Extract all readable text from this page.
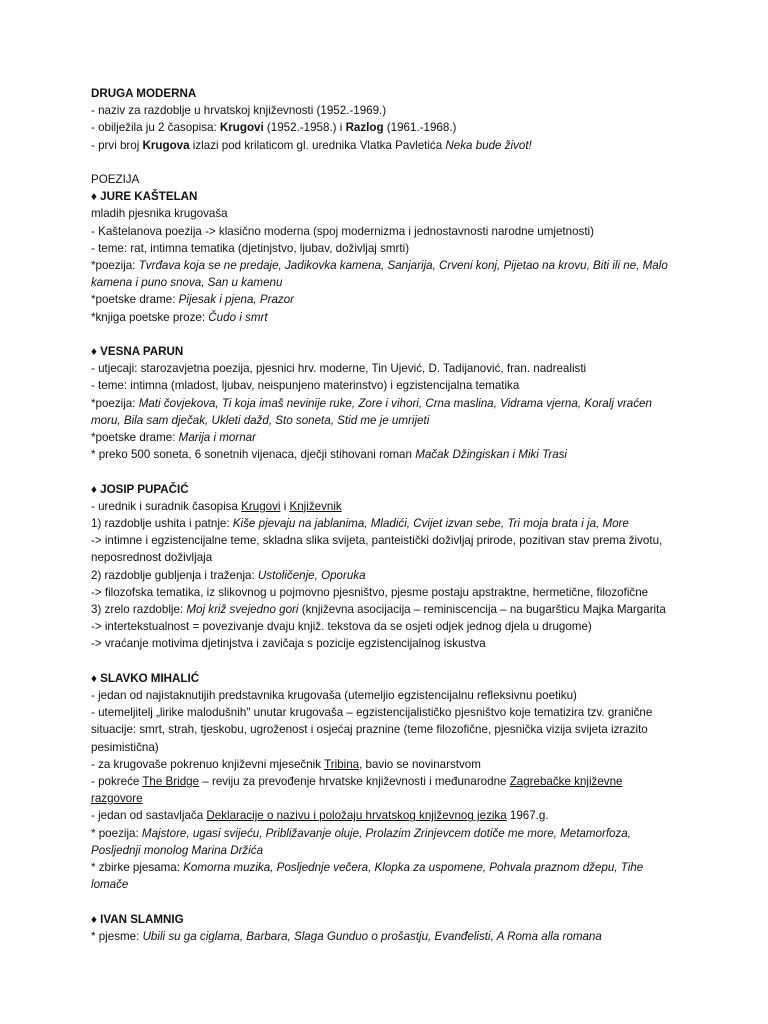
DRUGA MODERNA
- naziv za razdoblje u hrvatskoj književnosti (1952.-1969.)
- obilježila ju 2 časopisa: Krugovi (1952.-1958.) i Razlog (1961.-1968.)
- prvi broj Krugova izlazi pod krilaticom gl. urednika Vlatka Pavletića Neka bude život!
POEZIJA
♦ JURE KAŠTELAN
mladih pjesnika krugovaša
- Kaštelanova poezija -> klasično moderna (spoj modernizma i jednostavnosti narodne umjetnosti)
- teme: rat, intimna tematika (djetinjstvo, ljubav, doživljaj smrti)
*poezija: Tvrđava koja se ne predaje, Jadikovka kamena, Sanjarija, Crveni konj, Pijetao na krovu, Biti ili ne, Malo
kamena i puno snova, San u kamenu
*poetske drame: Pijesak i pjena, Prazor
*knjiga poetske proze: Čudo i smrt
♦ VESNA PARUN
- utjecaji: starozavjetna poezija, pjesnici hrv. moderne, Tin Ujević, D. Tadijanović, fran. nadrealisti
- teme: intimna (mladost, ljubav, neispunjeno materinstvo) i egzistencijalna tematika
*poezija: Mati čovjekova, Ti koja imaš nevinije ruke, Zore i vihori, Crna maslina, Vidrama vjerna, Koralj vraćen
moru, Bila sam dječak, Ukleti dažd, Sto soneta, Stid me je umrijeti
*poetske drame: Marija i mornar
* preko 500 soneta, 6 sonetnih vijenaca, dječji stihovani roman Mačak Džingiskan i Miki Trasi
♦ JOSIP PUPAČIĆ
- urednik i suradnik časopisa Krugovi i Književnik
1) razdoblje ushita i patnje: Kiše pjevaju na jablanima, Mladići, Cvijet izvan sebe, Tri moja brata i ja, More
-> intimne i egzistencijalne teme, skladna slika svijeta, panteistički doživljaj prirode, pozitivan stav prema životu,
neposrednost doživljaja
2) razdoblje gubljenja i traženja: Ustoličenje, Oporuka
-> filozofska tematika, iz slikovnog u pojmovno pjesništvo, pjesme postaju apstraktne, hermetične, filozofične
3) zrelo razdoblje: Moj križ svejedno gori (književna asocijacija – reminiscencija – na bugaršticu Majka Margarita
-> intertekstualnost = povezivanje dvaju knjiž. tekstova da se osjeti odjek jednog djela u drugome)
-> vraćanje motivima djetinjstva i zavičaja s pozicije egzistencijalnog iskustva
♦ SLAVKO MIHALIĆ
- jedan od najistaknutijih predstavnika krugovaša (utemeljio egzistencijalnu refleksivnu poetiku)
- utemeljitelj „lirike malodušnih" unutar krugovaša – egzistencijalističko pjesništvo koje tematizira tzv. granične
situacije: smrt, strah, tjeskobu, ugroženost i osjećaj praznine (teme filozofične, pjesnička vizija svijeta izrazito
pesimistična)
- za krugovaše pokrenuo književni mjesečnik Tribina, bavio se novinarstvom
- pokreće The Bridge – reviju za prevođenje hrvatske književnosti i međunarodne Zagrebačke književne
razgovore
- jedan od sastavljača Deklaracije o nazivu i položaju hrvatskog književnog jezika 1967.g.
* poezija: Majstore, ugasi svijeću, Približavanje oluje, Prolazim Zrinjevcem dotiče me more, Metamorfoza,
Posljednji monolog Marina Držića
* zbirke pjesama: Komorna muzika, Posljednje večera, Klopka za uspomene, Pohvala praznom džepu, Tihe
lomače
♦ IVAN SLAMNIG
* pjesme: Ubili su ga ciglama, Barbara, Slaga Gunduo o prošastju, Evanđelisti, A Roma alla romana
